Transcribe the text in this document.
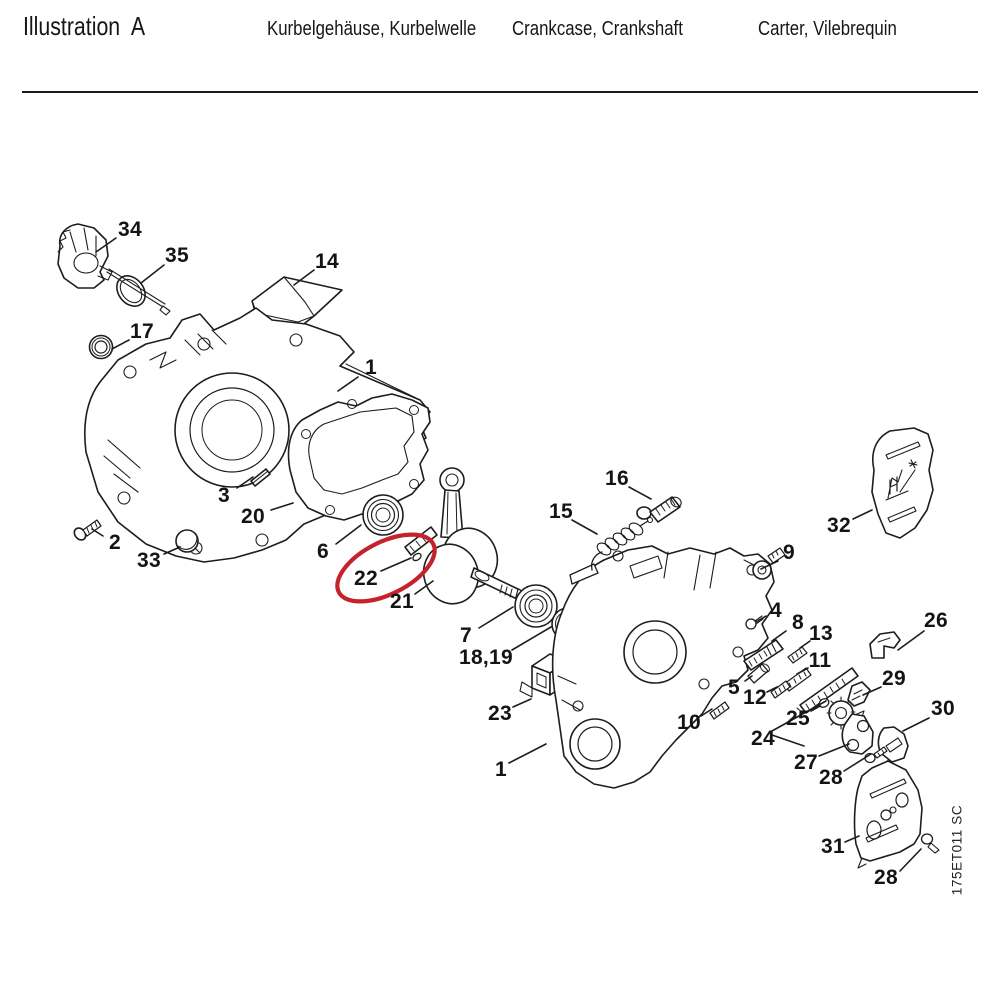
Illustration  A	Kurbelgehäuse, Kurbelwelle Crankcase, Crankshaft	Carter, Vilebrequin
34
35	14
17
1
3
20
2
33	6
22
21
7
18,19
23
1
15
16
9
32
4
8 13
11
5 12
25
24
10
29
26
30
27
28
31
28	175ET011 SC
